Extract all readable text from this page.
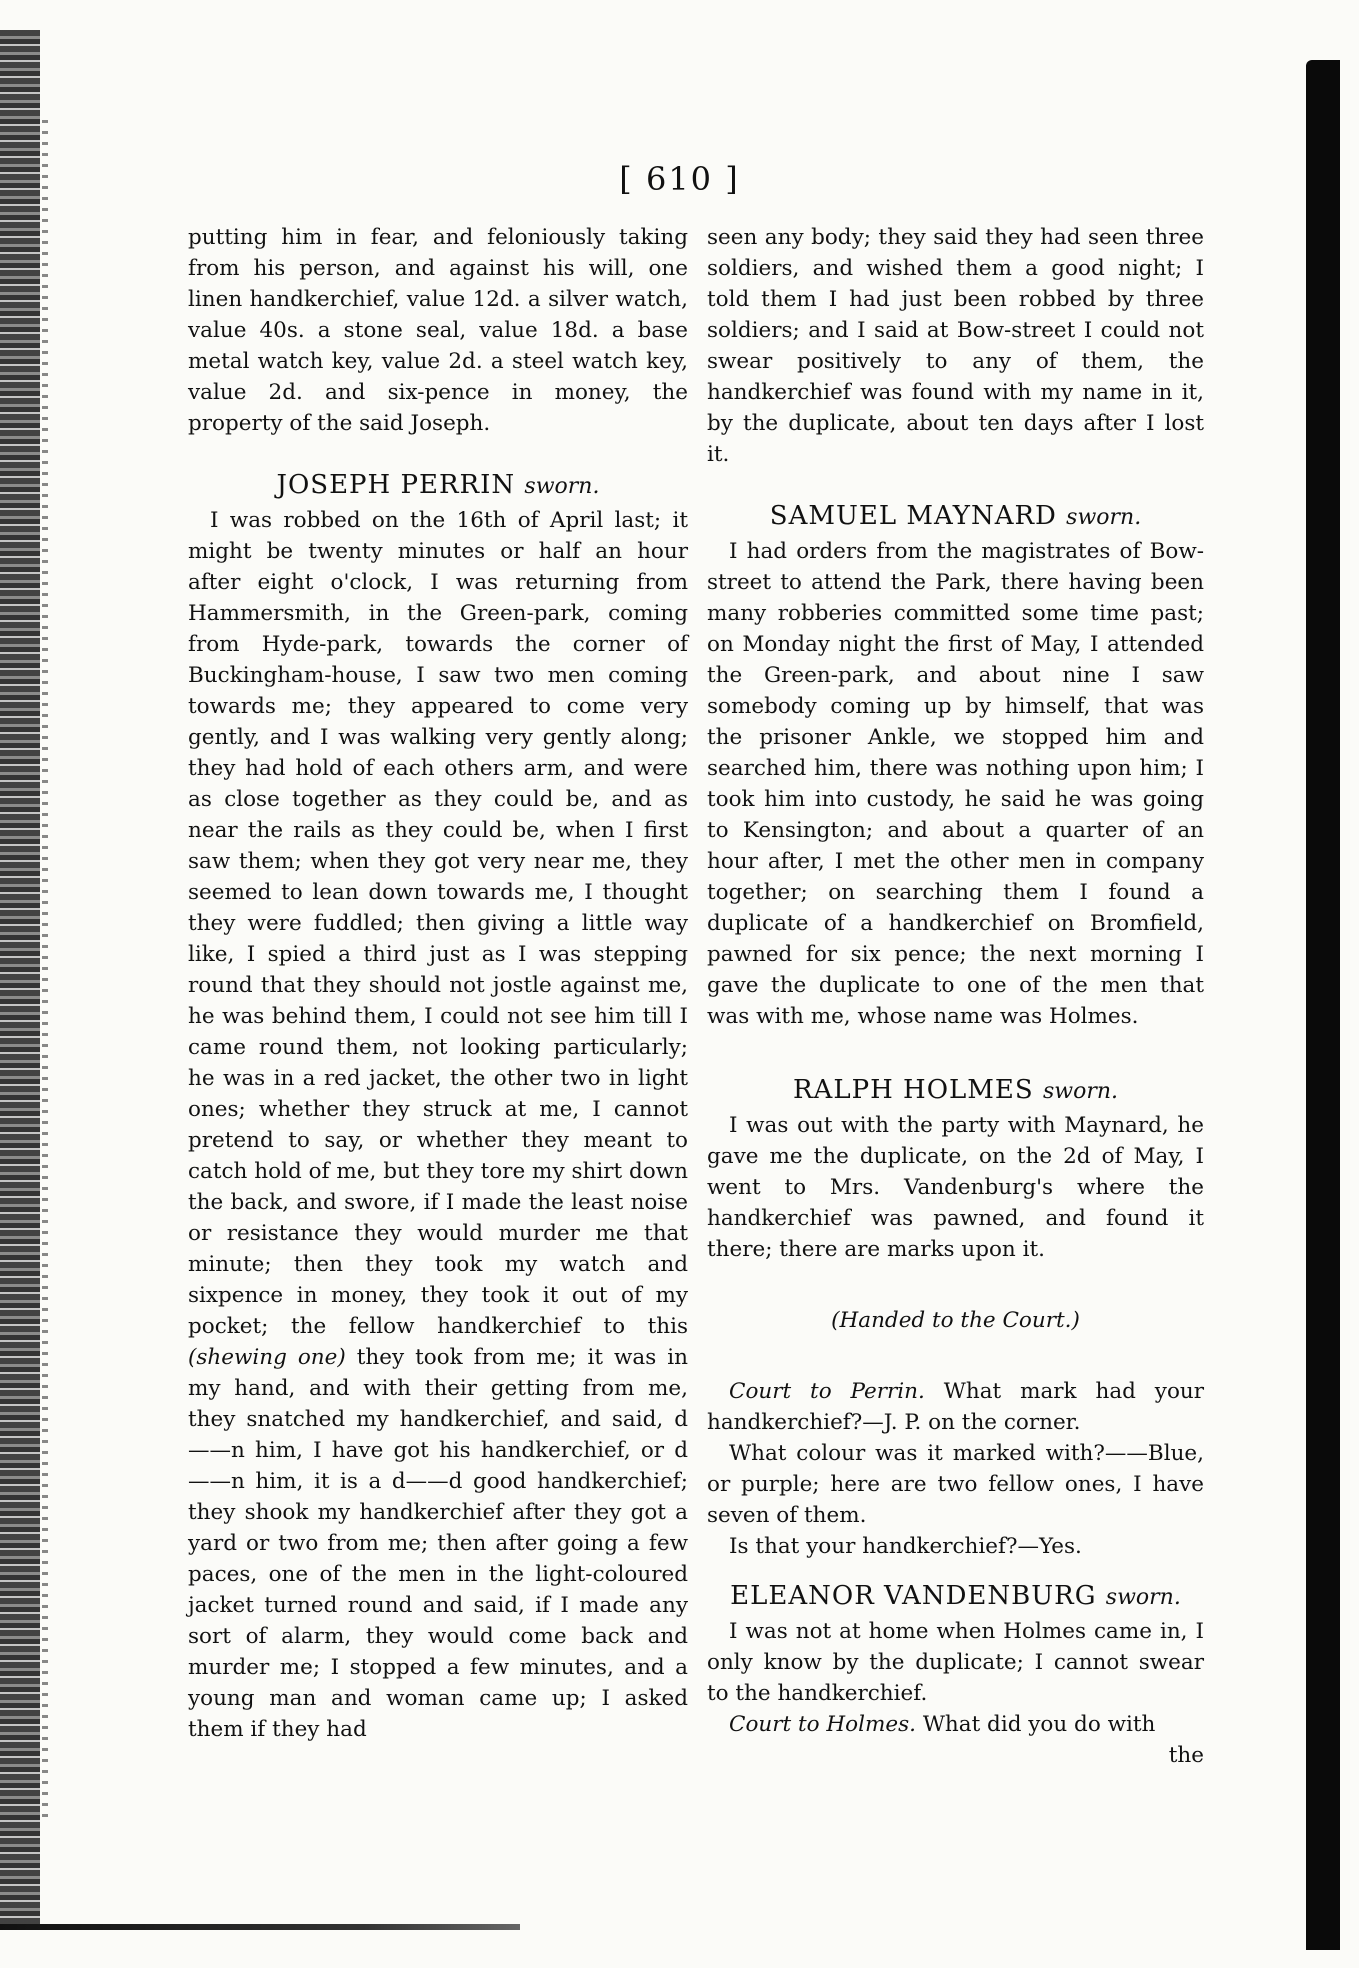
[ 610 ]

putting him in fear, and feloniously taking from his person, and against his will, one linen handkerchief, value 12d. a silver watch, value 40s. a stone seal, value 18d. a base metal watch key, value 2d. a steel watch key, value 2d. and six-pence in money, the property of the said Joseph.

JOSEPH PERRIN sworn.

I was robbed on the 16th of April last; it might be twenty minutes or half an hour after eight o'clock, I was returning from Hammersmith, in the Green-park, coming from Hyde-park, towards the corner of Buckingham-house, I saw two men coming towards me; they appeared to come very gently, and I was walking very gently along; they had hold of each others arm, and were as close together as they could be, and as near the rails as they could be, when I first saw them; when they got very near me, they seemed to lean down towards me, I thought they were fuddled; then giving a little way like, I spied a third just as I was stepping round that they should not jostle against me, he was behind them, I could not see him till I came round them, not looking particularly; he was in a red jacket, the other two in light ones; whether they struck at me, I cannot pretend to say, or whether they meant to catch hold of me, but they tore my shirt down the back, and swore, if I made the least noise or resistance they would murder me that minute; then they took my watch and sixpence in money, they took it out of my pocket; the fellow handkerchief to this (shewing one) they took from me; it was in my hand, and with their getting from me, they snatched my handkerchief, and said, d——n him, I have got his handkerchief, or d——n him, it is a d——d good handkerchief; they shook my handkerchief after they got a yard or two from me; then after going a few paces, one of the men in the light-coloured jacket turned round and said, if I made any sort of alarm, they would come back and murder me; I stopped a few minutes, and a young man and woman came up; I asked them if they had

seen any body; they said they had seen three soldiers, and wished them a good night; I told them I had just been robbed by three soldiers; and I said at Bow-street I could not swear positively to any of them, the handkerchief was found with my name in it, by the duplicate, about ten days after I lost it.

SAMUEL MAYNARD sworn.

I had orders from the magistrates of Bow-street to attend the Park, there having been many robberies committed some time past; on Monday night the first of May, I attended the Green-park, and about nine I saw somebody coming up by himself, that was the prisoner Ankle, we stopped him and searched him, there was nothing upon him; I took him into custody, he said he was going to Kensington; and about a quarter of an hour after, I met the other men in company together; on searching them I found a duplicate of a handkerchief on Bromfield, pawned for six pence; the next morning I gave the duplicate to one of the men that was with me, whose name was Holmes.

RALPH HOLMES sworn.

I was out with the party with Maynard, he gave me the duplicate, on the 2d of May, I went to Mrs. Vandenburg's where the handkerchief was pawned, and found it there; there are marks upon it.

(Handed to the Court.)

Court to Perrin. What mark had your handkerchief?—J. P. on the corner.

What colour was it marked with?——Blue, or purple; here are two fellow ones, I have seven of them.

Is that your handkerchief?—Yes.

ELEANOR VANDENBURG sworn.

I was not at home when Holmes came in, I only know by the duplicate; I cannot swear to the handkerchief.

Court to Holmes. What did you do with

the
